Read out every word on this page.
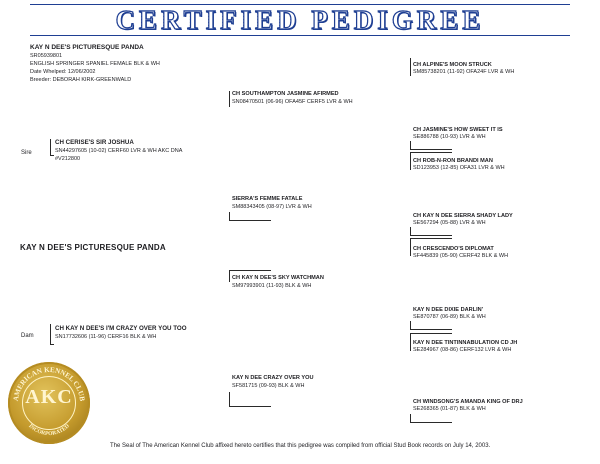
CERTIFIED PEDIGREE
KAY N DEE'S PICTURESQUE PANDA
SR05939801
ENGLISH SPRINGER SPANIEL FEMALE BLK & WH
Date Whelped: 12/06/2002
Breeder: DEBORAH KIRK-GREENWALD
KAY N DEE'S PICTURESQUE PANDA
Sire
CH CERISE'S SIR JOSHUA
SN44297605 (10-02) CERF60 LVR & WH AKC DNA
#V212800
Dam
CH KAY N DEE'S I'M CRAZY OVER YOU TOO
SN17732606 (11-96) CERF16 BLK & WH
CH SOUTHAMPTON JASMINE AFIRMED
SN08470501 (06-96) OFA45F CERF5 LVR & WH
SIERRA'S FEMME FATALE
SM88343405 (08-97) LVR & WH
CH KAY N DEE'S SKY WATCHMAN
SM97993901 (11-93) BLK & WH
KAY N DEE CRAZY OVER YOU
SF581715 (09-93) BLK & WH
CH ALPINE'S MOON STRUCK
SM85738201 (11-92) OFA24F LVR & WH
CH JASMINE'S HOW SWEET IT IS
SE886788 (10-93) LVR & WH
CH ROB-N-RON BRANDI MAN
SD123953 (12-85) OFA31 LVR & WH
CH KAY N DEE SIERRA SHADY LADY
SE567294 (05-88) LVR & WH
CH CRESCENDO'S DIPLOMAT
SF445839 (05-90) CERF42 BLK & WH
KAY N DEE DIXIE DARLIN'
SE870787 (06-89) BLK & WH
KAY N DEE TINTINNABULATION CD JH
SE284967 (08-86) CERF132 LVR & WH
CH WINDSONG'S AMANDA KING OF DRJ
SE268365 (01-87) BLK & WH
AMERICAN KENNEL CLUB
INCORPORATED
AKC
The Seal of The American Kennel Club affixed hereto certifies that this pedigree was compiled from official Stud Book records on July 14, 2003.
